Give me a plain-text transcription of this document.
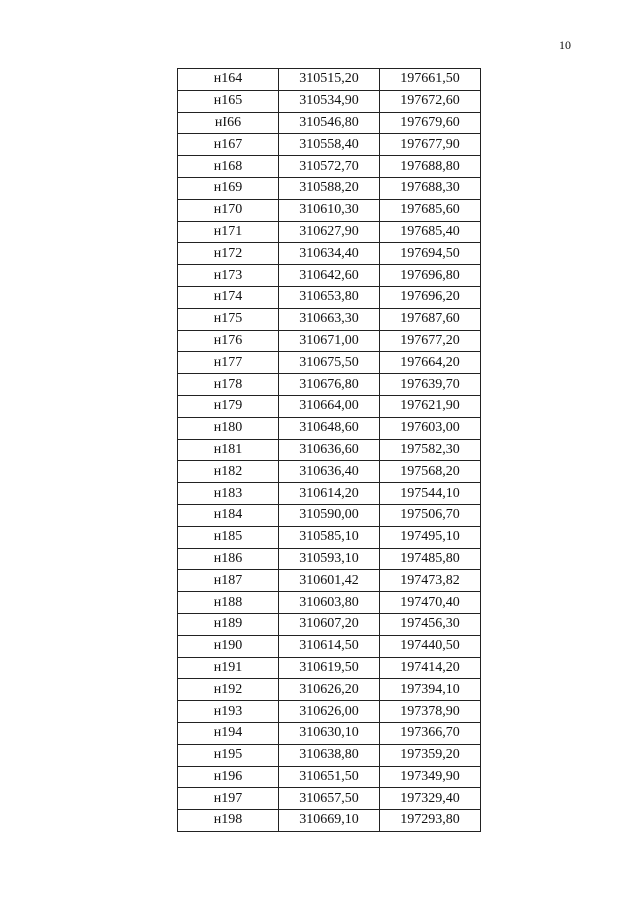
10
н164	310515,20	197661,50
н165	310534,90	197672,60
нI66	310546,80	197679,60
н167	310558,40	197677,90
н168	310572,70	197688,80
н169	310588,20	197688,30
н170	310610,30	197685,60
н171	310627,90	197685,40
н172	310634,40	197694,50
н173	310642,60	197696,80
н174	310653,80	197696,20
н175	310663,30	197687,60
н176	310671,00	197677,20
н177	310675,50	197664,20
н178	310676,80	197639,70
н179	310664,00	197621,90
н180	310648,60	197603,00
н181	310636,60	197582,30
н182	310636,40	197568,20
н183	310614,20	197544,10
н184	310590,00	197506,70
н185	310585,10	197495,10
н186	310593,10	197485,80
н187	310601,42	197473,82
н188	310603,80	197470,40
н189	310607,20	197456,30
н190	310614,50	197440,50
н191	310619,50	197414,20
н192	310626,20	197394,10
н193	310626,00	197378,90
н194	310630,10	197366,70
н195	310638,80	197359,20
н196	310651,50	197349,90
н197	310657,50	197329,40
н198	310669,10	197293,80
